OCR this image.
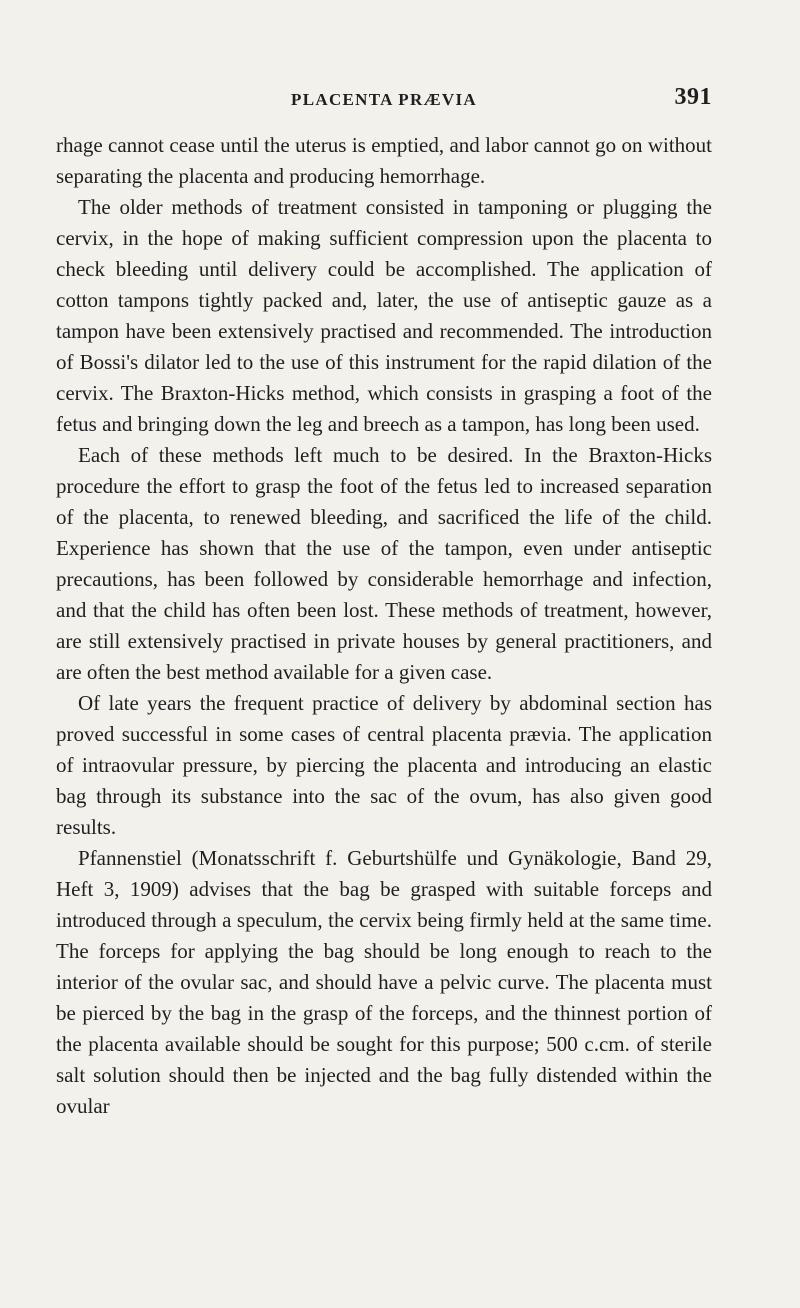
PLACENTA PRÆVIA	391

rhage cannot cease until the uterus is emptied, and labor cannot go on without separating the placenta and producing hemorrhage.

The older methods of treatment consisted in tamponing or plugging the cervix, in the hope of making sufficient compression upon the placenta to check bleeding until delivery could be accomplished. The application of cotton tampons tightly packed and, later, the use of antiseptic gauze as a tampon have been extensively practised and recommended. The introduction of Bossi's dilator led to the use of this instrument for the rapid dilation of the cervix. The Braxton-Hicks method, which consists in grasping a foot of the fetus and bringing down the leg and breech as a tampon, has long been used.

Each of these methods left much to be desired. In the Braxton-Hicks procedure the effort to grasp the foot of the fetus led to increased separation of the placenta, to renewed bleeding, and sacrificed the life of the child. Experience has shown that the use of the tampon, even under antiseptic precautions, has been followed by considerable hemorrhage and infection, and that the child has often been lost. These methods of treatment, however, are still extensively practised in private houses by general practitioners, and are often the best method available for a given case.

Of late years the frequent practice of delivery by abdominal section has proved successful in some cases of central placenta prævia. The application of intraovular pressure, by piercing the placenta and introducing an elastic bag through its substance into the sac of the ovum, has also given good results.

Pfannenstiel (Monatsschrift f. Geburtshülfe und Gynäkologie, Band 29, Heft 3, 1909) advises that the bag be grasped with suitable forceps and introduced through a speculum, the cervix being firmly held at the same time. The forceps for applying the bag should be long enough to reach to the interior of the ovular sac, and should have a pelvic curve. The placenta must be pierced by the bag in the grasp of the forceps, and the thinnest portion of the placenta available should be sought for this purpose; 500 c.cm. of sterile salt solution should then be injected and the bag fully distended within the ovular
